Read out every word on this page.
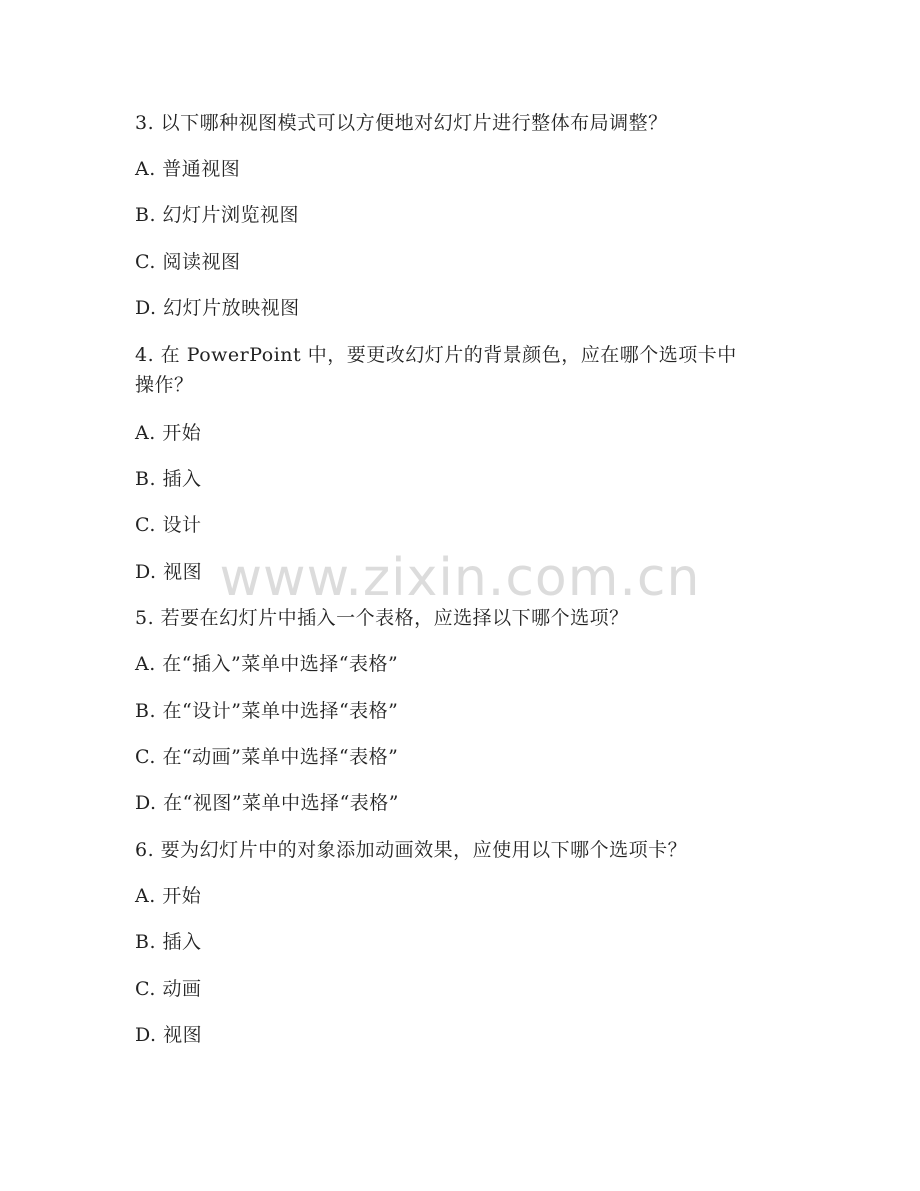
3. 以下哪种视图模式可以方便地对幻灯片进行整体布局调整？
A. 普通视图
B. 幻灯片浏览视图
C. 阅读视图
D. 幻灯片放映视图
4. 在 PowerPoint 中，要更改幻灯片的背景颜色，应在哪个选项卡中
操作？
A. 开始
B. 插入
C. 设计
D. 视图
5. 若要在幻灯片中插入一个表格，应选择以下哪个选项？
A. 在“插入”菜单中选择“表格”
B. 在“设计”菜单中选择“表格”
C. 在“动画”菜单中选择“表格”
D. 在“视图”菜单中选择“表格”
6. 要为幻灯片中的对象添加动画效果，应使用以下哪个选项卡？
A. 开始
B. 插入
C. 动画
D. 视图
www.zixin.com.cn
